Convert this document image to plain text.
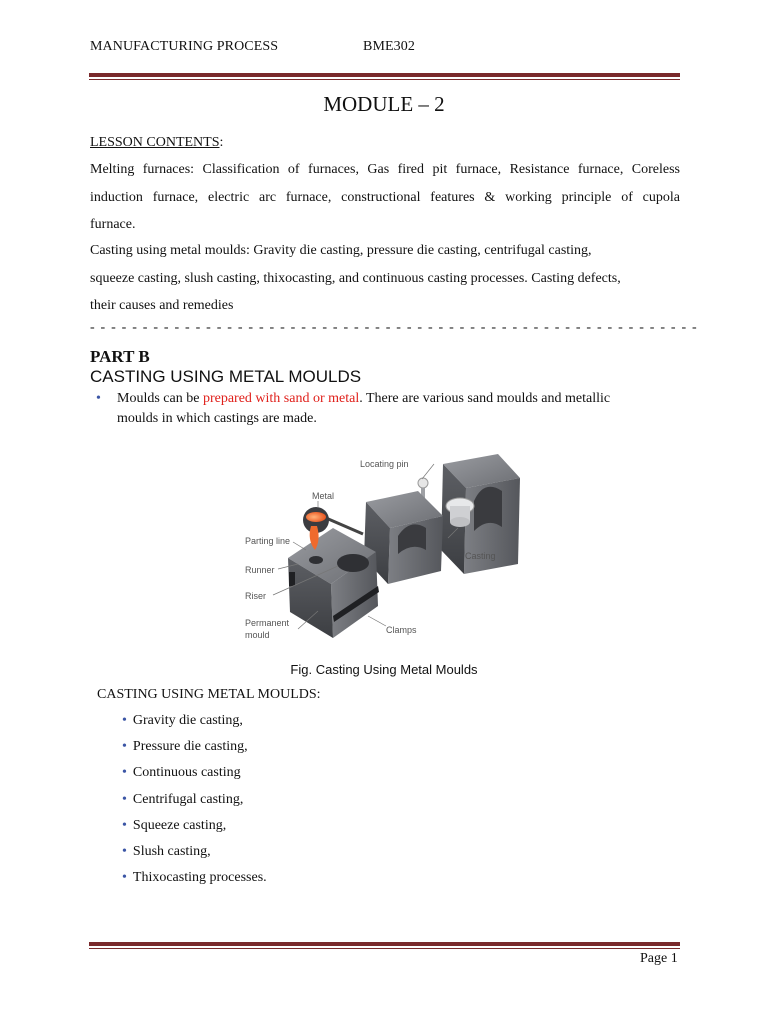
MANUFACTURING PROCESS	BME302
MODULE – 2
LESSON CONTENTS:
Melting furnaces: Classification of furnaces, Gas fired pit furnace, Resistance furnace, Coreless
induction furnace, electric arc furnace, constructional features & working principle of cupola
furnace.
Casting using metal moulds: Gravity die casting, pressure die casting, centrifugal casting,
squeeze casting, slush casting, thixocasting, and continuous casting processes. Casting defects,
their causes and remedies
- - - - - - - - - - - - - - - - - - - - - - - - - - - - - - - - - - - - - - - - - - - - - - - - - - - - - - - - - -
PART B
CASTING USING METAL MOULDS
• Moulds can be prepared with sand or metal. There are various sand moulds and metallic
moulds in which castings are made.
Locating pin
Metal
Parting line
Casting
Runner
Riser
Permanent
mould	Clamps
Fig. Casting Using Metal Moulds
CASTING USING METAL MOULDS:
• Gravity die casting,
• Pressure die casting,
• Continuous casting
• Centrifugal casting,
• Squeeze casting,
• Slush casting,
• Thixocasting processes.
Page 1
